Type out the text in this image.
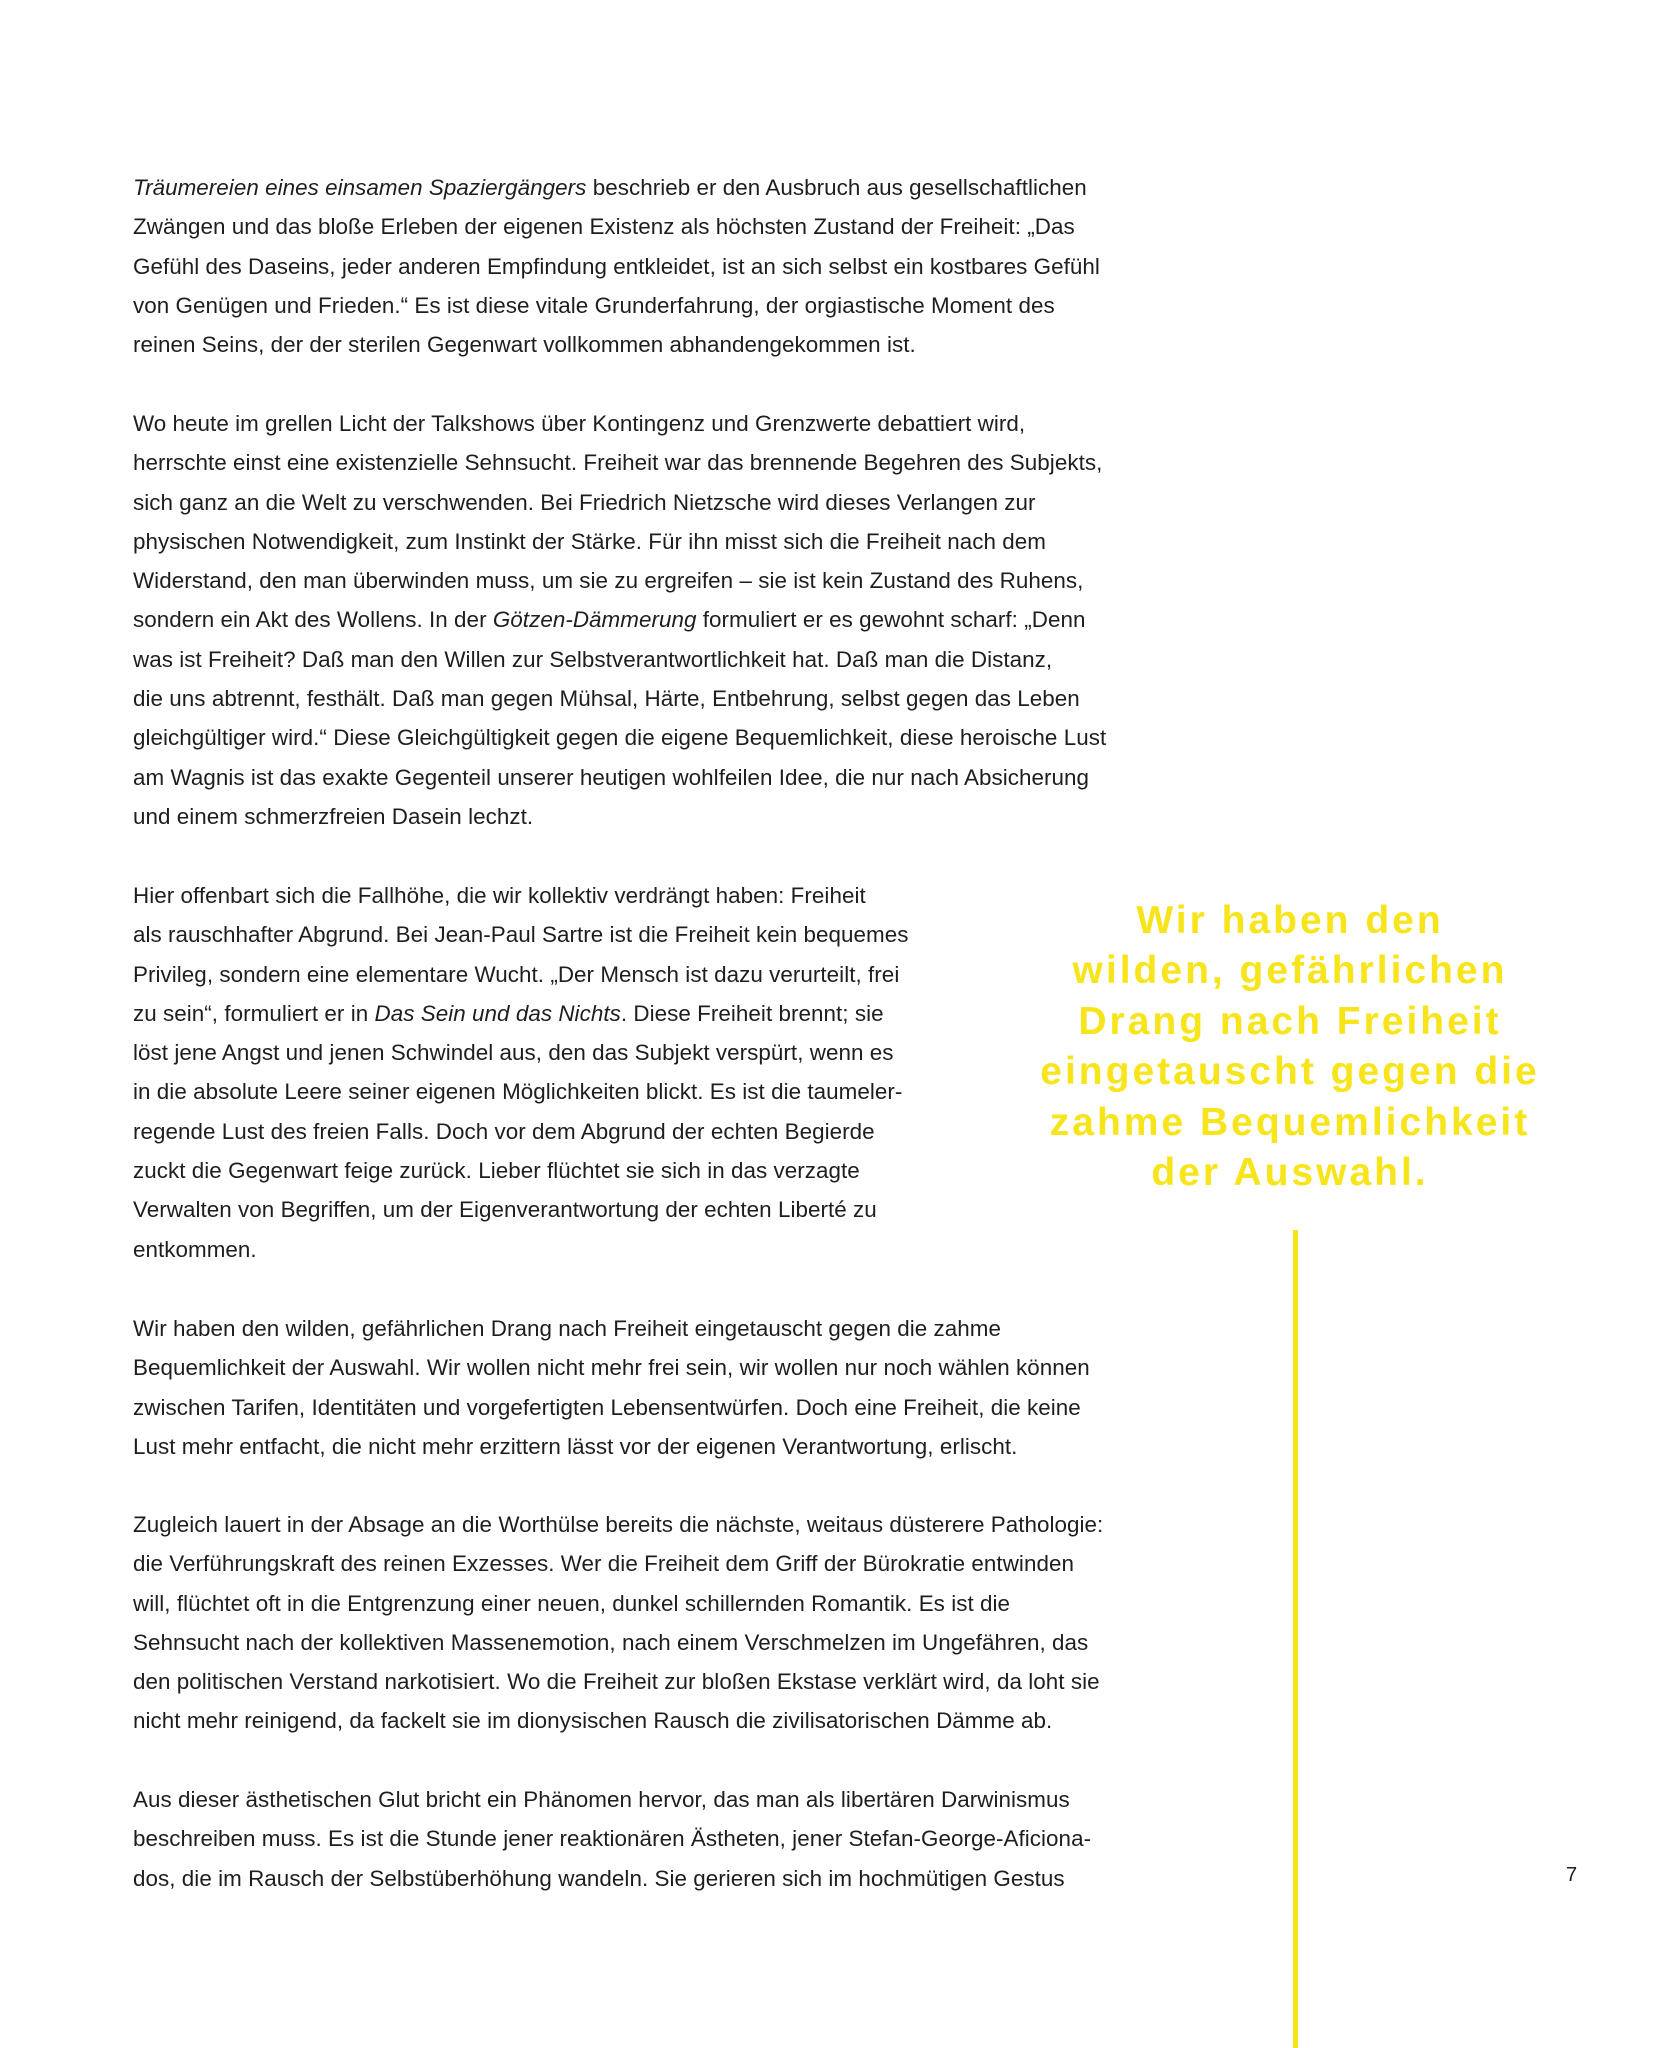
Träumereien eines einsamen Spaziergängers beschrieb er den Ausbruch aus gesellschaftlichen
Zwängen und das bloße Erleben der eigenen Existenz als höchsten Zustand der Freiheit: „Das
Gefühl des Daseins, jeder anderen Empfindung entkleidet, ist an sich selbst ein kostbares Gefühl
von Genügen und Frieden.“ Es ist diese vitale Grunderfahrung, der orgiastische Moment des
reinen Seins, der der sterilen Gegenwart vollkommen abhandengekommen ist.

Wo heute im grellen Licht der Talkshows über Kontingenz und Grenzwerte debattiert wird,
herrschte einst eine existenzielle Sehnsucht. Freiheit war das brennende Begehren des Subjekts,
sich ganz an die Welt zu verschwenden. Bei Friedrich Nietzsche wird dieses Verlangen zur
physischen Notwendigkeit, zum Instinkt der Stärke. Für ihn misst sich die Freiheit nach dem
Widerstand, den man überwinden muss, um sie zu ergreifen – sie ist kein Zustand des Ruhens,
sondern ein Akt des Wollens. In der Götzen-Dämmerung formuliert er es gewohnt scharf: „Denn
was ist Freiheit? Daß man den Willen zur Selbstverantwortlichkeit hat. Daß man die Distanz,
die uns abtrennt, festhält. Daß man gegen Mühsal, Härte, Entbehrung, selbst gegen das Leben
gleichgültiger wird.“ Diese Gleichgültigkeit gegen die eigene Bequemlichkeit, diese heroische Lust
am Wagnis ist das exakte Gegenteil unserer heutigen wohlfeilen Idee, die nur nach Absicherung
und einem schmerzfreien Dasein lechzt.

Hier offenbart sich die Fallhöhe, die wir kollektiv verdrängt haben: Freiheit
als rauschhafter Abgrund. Bei Jean-Paul Sartre ist die Freiheit kein bequemes
Privileg, sondern eine elementare Wucht. „Der Mensch ist dazu verurteilt, frei
zu sein“, formuliert er in Das Sein und das Nichts. Diese Freiheit brennt; sie
löst jene Angst und jenen Schwindel aus, den das Subjekt verspürt, wenn es
in die absolute Leere seiner eigenen Möglichkeiten blickt. Es ist die taumeler-
regende Lust des freien Falls. Doch vor dem Abgrund der echten Begierde
zuckt die Gegenwart feige zurück. Lieber flüchtet sie sich in das verzagte
Verwalten von Begriffen, um der Eigenverantwortung der echten Liberté zu
entkommen.

Wir haben den wilden, gefährlichen Drang nach Freiheit eingetauscht gegen die zahme
Bequemlichkeit der Auswahl. Wir wollen nicht mehr frei sein, wir wollen nur noch wählen können
zwischen Tarifen, Identitäten und vorgefertigten Lebensentwürfen. Doch eine Freiheit, die keine
Lust mehr entfacht, die nicht mehr erzittern lässt vor der eigenen Verantwortung, erlischt.

Zugleich lauert in der Absage an die Worthülse bereits die nächste, weitaus düsterere Pathologie:
die Verführungskraft des reinen Exzesses. Wer die Freiheit dem Griff der Bürokratie entwinden
will, flüchtet oft in die Entgrenzung einer neuen, dunkel schillernden Romantik. Es ist die
Sehnsucht nach der kollektiven Massenemotion, nach einem Verschmelzen im Ungefähren, das
den politischen Verstand narkotisiert. Wo die Freiheit zur bloßen Ekstase verklärt wird, da loht sie
nicht mehr reinigend, da fackelt sie im dionysischen Rausch die zivilisatorischen Dämme ab.

Aus dieser ästhetischen Glut bricht ein Phänomen hervor, das man als libertären Darwinismus
beschreiben muss. Es ist die Stunde jener reaktionären Ästheten, jener Stefan-George-Aficiona-
dos, die im Rausch der Selbstüberhöhung wandeln. Sie gerieren sich im hochmütigen Gestus

Wir haben den
wilden, gefährlichen
Drang nach Freiheit
eingetauscht gegen die
zahme Bequemlichkeit
der Auswahl.
7
